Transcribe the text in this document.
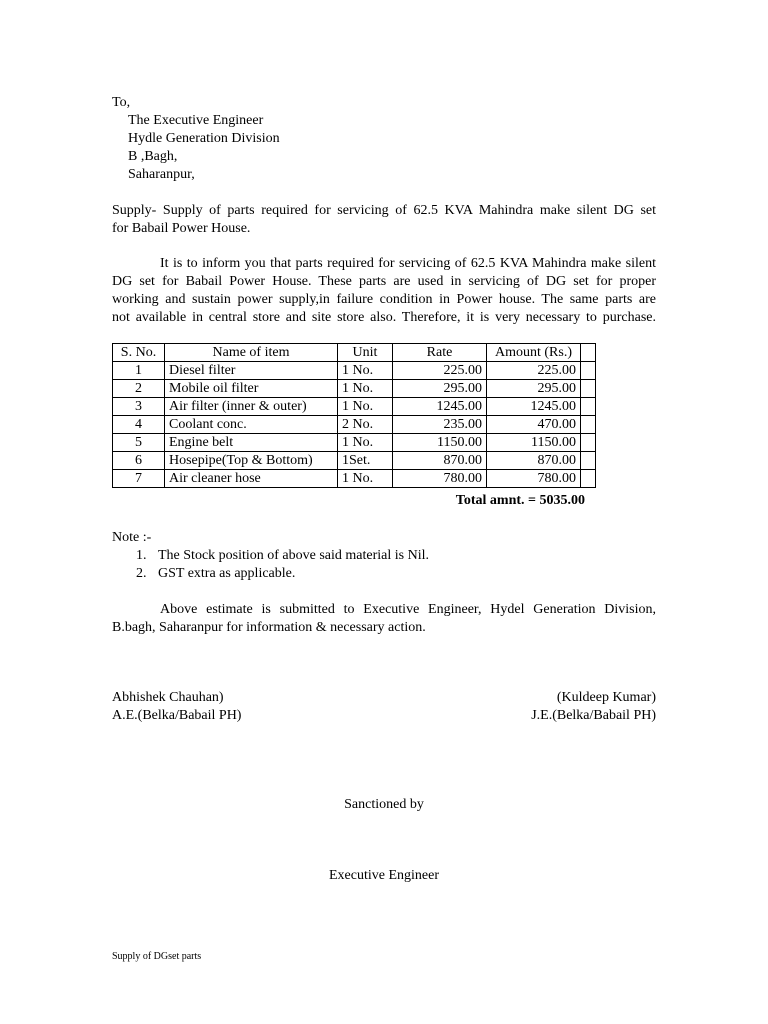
To,
The Executive Engineer
Hydle Generation Division
B ,Bagh,
Saharanpur,
Supply- Supply of parts required for servicing of 62.5 KVA Mahindra make silent DG set
for Babail Power House.
It is to inform you that parts required for servicing of 62.5 KVA Mahindra make silent
DG set for Babail Power House. These parts are used in servicing of DG set for proper
working and sustain power supply,in failure condition in Power house. The same parts are
not available in central store and site store also. Therefore, it is very necessary to purchase.
S. No.	Name of item	Unit	Rate	Amount (Rs.)	
1	Diesel filter	1 No.	225.00	225.00	
2	Mobile oil filter	1 No.	295.00	295.00	
3	Air filter (inner & outer)	1 No.	1245.00	1245.00	
4	Coolant conc.	2 No.	235.00	470.00	
5	Engine belt	1 No.	1150.00	1150.00	
6	Hosepipe(Top & Bottom)	1Set.	870.00	870.00	
7	Air cleaner hose	1 No.	780.00	780.00	
Total amnt. = 5035.00
Note :-
1. The Stock position of above said material is Nil.
2. GST extra as applicable.
Above estimate is submitted to Executive Engineer, Hydel Generation Division,
B.bagh, Saharanpur for information & necessary action.
Abhishek Chauhan)
A.E.(Belka/Babail PH)
(Kuldeep Kumar)
J.E.(Belka/Babail PH)
Sanctioned by
Executive Engineer
Supply of DGset parts
